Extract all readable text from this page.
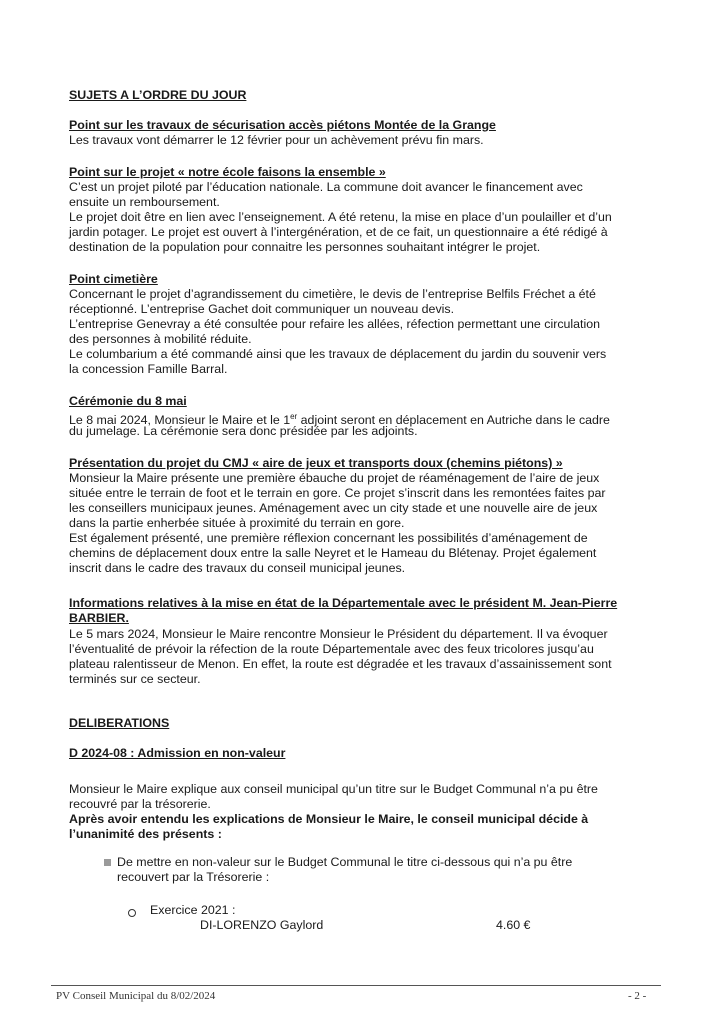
SUJETS A L’ORDRE DU JOUR
Point sur les travaux de sécurisation accès piétons Montée de la Grange
Les travaux vont démarrer le 12 février pour un achèvement prévu fin mars.
Point sur le projet « notre école faisons la ensemble »
C’est un projet piloté par l’éducation nationale. La commune doit avancer le financement avec
ensuite un remboursement.
Le projet doit être en lien avec l’enseignement. A été retenu, la mise en place d’un poulailler et d’un
jardin potager. Le projet est ouvert à l’intergénération, et de ce fait, un questionnaire a été rédigé à
destination de la population pour connaitre les personnes souhaitant intégrer le projet.
Point cimetière
Concernant le projet d’agrandissement du cimetière, le devis de l’entreprise Belfils Fréchet a été
réceptionné. L’entreprise Gachet doit communiquer un nouveau devis.
L’entreprise Genevray a été consultée pour refaire les allées, réfection permettant une circulation
des personnes à mobilité réduite.
Le columbarium a été commandé ainsi que les travaux de déplacement du jardin du souvenir vers
la concession Famille Barral.
Cérémonie du 8 mai
Le 8 mai 2024, Monsieur le Maire et le 1er adjoint seront en déplacement en Autriche dans le cadre
du jumelage. La cérémonie sera donc présidée par les adjoints.
Présentation du projet du CMJ « aire de jeux et transports doux (chemins piétons) »
Monsieur la Maire présente une première ébauche du projet de réaménagement de l’aire de jeux
située entre le terrain de foot et le terrain en gore. Ce projet s’inscrit dans les remontées faites par
les conseillers municipaux jeunes. Aménagement avec un city stade et une nouvelle aire de jeux
dans la partie enherbée située à proximité du terrain en gore.
Est également présenté, une première réflexion concernant les possibilités d’aménagement de
chemins de déplacement doux entre la salle Neyret et le Hameau du Blétenay. Projet également
inscrit dans le cadre des travaux du conseil municipal jeunes.
Informations relatives à la mise en état de la Départementale avec le président M. Jean-Pierre
BARBIER.
Le 5 mars 2024, Monsieur le Maire rencontre Monsieur le Président du département. Il va évoquer
l’éventualité de prévoir la réfection de la route Départementale avec des feux tricolores jusqu’au
plateau ralentisseur de Menon. En effet, la route est dégradée et les travaux d’assainissement sont
terminés sur ce secteur.
DELIBERATIONS
D 2024-08 : Admission en non-valeur
Monsieur le Maire explique aux conseil municipal qu’un titre sur le Budget Communal n’a pu être
recouvré par la trésorerie.
Après avoir entendu les explications de Monsieur le Maire, le conseil municipal décide à
l’unanimité des présents :
De mettre en non-valeur sur le Budget Communal le titre ci-dessous qui n’a pu être
recouvert par la Trésorerie :
Exercice 2021 :
DI-LORENZO Gaylord	4.60 €
PV Conseil Municipal du 8/02/2024	- 2 -
